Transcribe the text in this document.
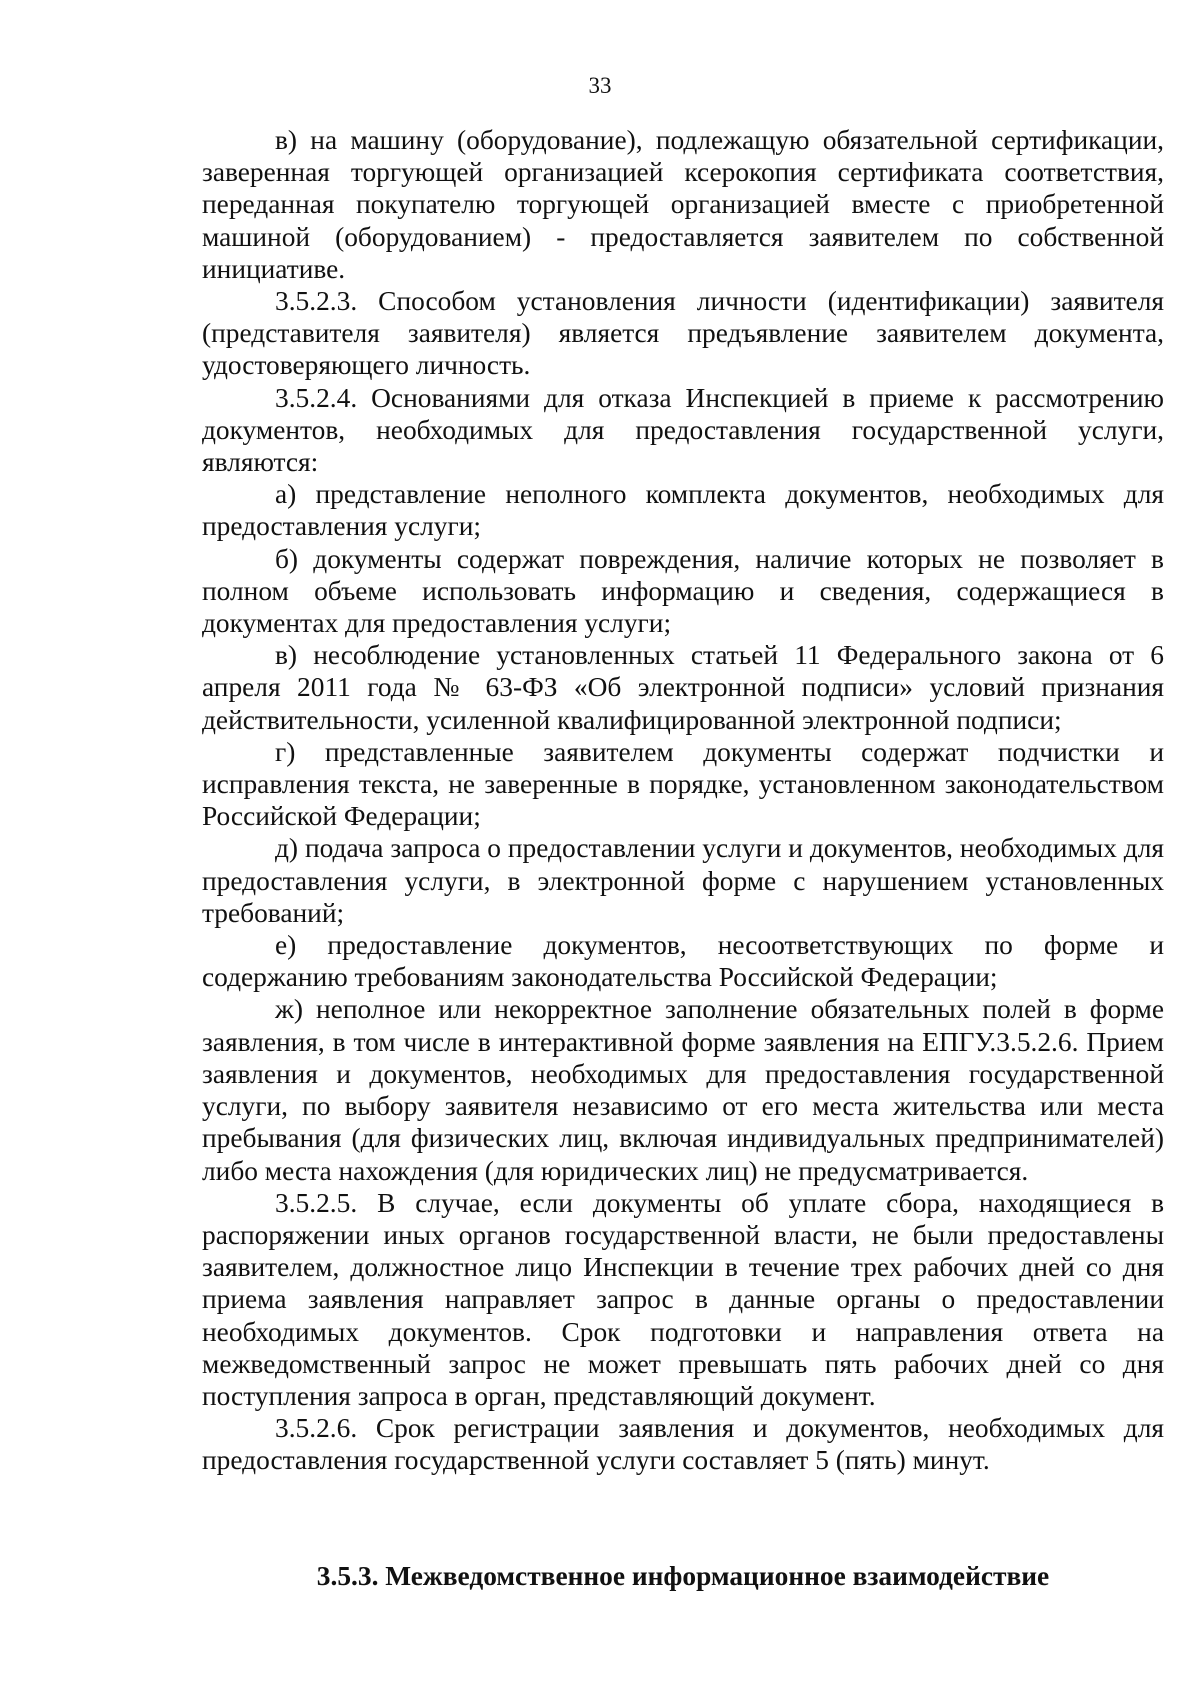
33

в) на машину (оборудование), подлежащую обязательной сертификации, заверенная торгующей организацией ксерокопия сертификата соответствия, переданная покупателю торгующей организацией вместе с приобретенной машиной (оборудованием) - предоставляется заявителем по собственной инициативе.

3.5.2.3. Способом установления личности (идентификации) заявителя (представителя заявителя) является предъявление заявителем документа, удостоверяющего личность.

3.5.2.4. Основаниями для отказа Инспекцией в приеме к рассмотрению документов, необходимых для предоставления государственной услуги, являются:

а) представление неполного комплекта документов, необходимых для предоставления услуги;

б) документы содержат повреждения, наличие которых не позволяет в полном объеме использовать информацию и сведения, содержащиеся в документах для предоставления услуги;

в) несоблюдение установленных статьей 11 Федерального закона от 6 апреля 2011 года № 63-ФЗ «Об электронной подписи» условий признания действительности, усиленной квалифицированной электронной подписи;

г) представленные заявителем документы содержат подчистки и исправления текста, не заверенные в порядке, установленном законодательством Российской Федерации;

д) подача запроса о предоставлении услуги и документов, необходимых для предоставления услуги, в электронной форме с нарушением установленных требований;

е) предоставление документов, несоответствующих по форме и содержанию требованиям законодательства Российской Федерации;

ж) неполное или некорректное заполнение обязательных полей в форме заявления, в том числе в интерактивной форме заявления на ЕПГУ.3.5.2.6. Прием заявления и документов, необходимых для предоставления государственной услуги, по выбору заявителя независимо от его места жительства или места пребывания (для физических лиц, включая индивидуальных предпринимателей) либо места нахождения (для юридических лиц) не предусматривается.

3.5.2.5. В случае, если документы об уплате сбора, находящиеся в распоряжении иных органов государственной власти, не были предоставлены заявителем, должностное лицо Инспекции в течение трех рабочих дней со дня приема заявления направляет запрос в данные органы о предоставлении необходимых документов. Срок подготовки и направления ответа на межведомственный запрос не может превышать пять рабочих дней со дня поступления запроса в орган, представляющий документ.

3.5.2.6. Срок регистрации заявления и документов, необходимых для предоставления государственной услуги составляет 5 (пять) минут.

3.5.3. Межведомственное информационное взаимодействие
